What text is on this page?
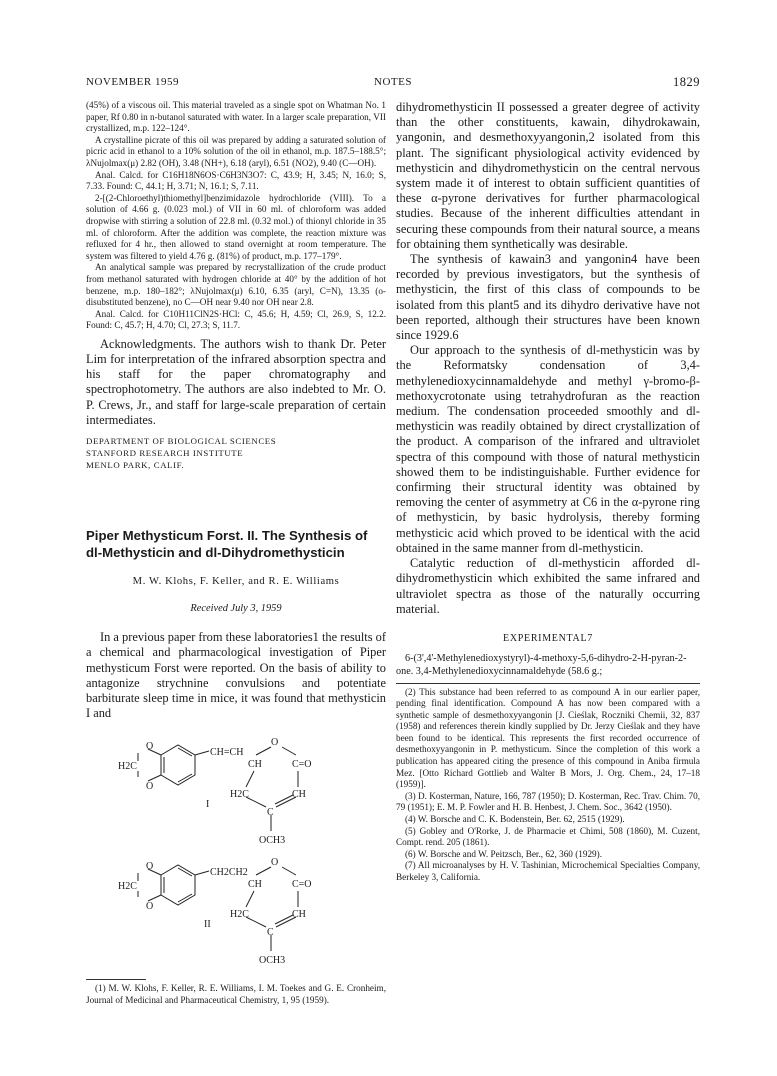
NOVEMBER 1959	NOTES	1829

(45%) of a viscous oil. This material traveled as a single spot on Whatman No. 1 paper, Rf 0.80 in n-butanol saturated with water. In a larger scale preparation, VII crystallized, m.p. 122–124°.

A crystalline picrate of this oil was prepared by adding a saturated solution of picric acid in ethanol to a 10% solution of the oil in ethanol, m.p. 187.5–188.5°; λNujolmax(μ) 2.82 (OH), 3.48 (NH+), 6.18 (aryl), 6.51 (NO2), 9.40 (C—OH).

Anal. Calcd. for C16H18N6OS·C6H3N3O7: C, 43.9; H, 3.45; N, 16.0; S, 7.33. Found: C, 44.1; H, 3.71; N, 16.1; S, 7.11.

2-[(2-Chloroethyl)thiomethyl]benzimidazole hydrochloride (VIII). To a solution of 4.66 g. (0.023 mol.) of VII in 60 ml. of chloroform was added dropwise with stirring a solution of 22.8 ml. (0.32 mol.) of thionyl chloride in 35 ml. of chloroform. After the addition was complete, the reaction mixture was refluxed for 4 hr., then allowed to stand overnight at room temperature. The system was filtered to yield 4.76 g. (81%) of product, m.p. 177–179°.

An analytical sample was prepared by recrystallization of the crude product from methanol saturated with hydrogen chloride at 40° by the addition of hot benzene, m.p. 180–182°; λNujolmax(μ) 6.10, 6.35 (aryl, C=N), 13.35 (o-disubstituted benzene), no C—OH near 9.40 nor OH near 2.8.

Anal. Calcd. for C10H11ClN2S·HCl: C, 45.6; H, 4.59; Cl, 26.9, S, 12.2. Found: C, 45.7; H, 4.70; Cl, 27.3; S, 11.7.

Acknowledgments. The authors wish to thank Dr. Peter Lim for interpretation of the infrared absorption spectra and his staff for the paper chromatography and spectrophotometry. The authors are also indebted to Mr. O. P. Crews, Jr., and staff for large-scale preparation of certain intermediates.

DEPARTMENT OF BIOLOGICAL SCIENCES
STANFORD RESEARCH INSTITUTE
MENLO PARK, CALIF.
Piper Methysticum Forst. II. The Synthesis of dl-Methysticin and dl-Dihydromethysticin
M. W. Klohs, F. Keller, and R. E. Williams
Received July 3, 1959

In a previous paper from these laboratories1 the results of a chemical and pharmacological investigation of Piper methysticum Forst were reported. On the basis of ability to antagonize strychnine convulsions and potentiate barbiturate sleep time in mice, it was found that methysticin I and

O
O
H2C
CH=CH
O
CH	C=O
H2C	CH
C
OCH3
I
O
O
H2C
CH2CH2
O
CH	C=O
H2C	CH
C
OCH3
II

(1) M. W. Klohs, F. Keller, R. E. Williams, I. M. Toekes and G. E. Cronheim, Journal of Medicinal and Pharmaceutical Chemistry, 1, 95 (1959).

dihydromethysticin II possessed a greater degree of activity than the other constituents, kawain, dihydrokawain, yangonin, and desmethoxyyangonin,2 isolated from this plant. The significant physiological activity evidenced by methysticin and dihydromethysticin on the central nervous system made it of interest to obtain sufficient quantities of these α-pyrone derivatives for further pharmacological studies. Because of the inherent difficulties attendant in securing these compounds from their natural source, a means for obtaining them synthetically was desirable.

The synthesis of kawain3 and yangonin4 have been recorded by previous investigators, but the synthesis of methysticin, the first of this class of compounds to be isolated from this plant5 and its dihydro derivative have not been reported, although their structures have been known since 1929.6

Our approach to the synthesis of dl-methysticin was by the Reformatsky condensation of 3,4-methylenedioxycinnamaldehyde and methyl γ-bromo-β-methoxycrotonate using tetrahydrofuran as the reaction medium. The condensation proceeded smoothly and dl-methysticin was readily obtained by direct crystallization of the product. A comparison of the infrared and ultraviolet spectra of this compound with those of natural methysticin showed them to be indistinguishable. Further evidence for confirming their structural identity was obtained by removing the center of asymmetry at C6 in the α-pyrone ring of methysticin, by basic hydrolysis, thereby forming methysticic acid which proved to be identical with the acid obtained in the same manner from dl-methysticin.

Catalytic reduction of dl-methysticin afforded dl-dihydromethysticin which exhibited the same infrared and ultraviolet spectra as those of the naturally occurring material.

EXPERIMENTAL7

6-(3',4'-Methylenedioxystyryl)-4-methoxy-5,6-dihydro-2-H-pyran-2-one. 3,4-Methylenedioxycinnamaldehyde (58.6 g.;

(2) This substance had been referred to as compound A in our earlier paper, pending final identification. Compound A has now been compared with a synthetic sample of desmethoxyyangonin [J. Cieślak, Roczniki Chemii, 32, 837 (1958) and references therein kindly supplied by Dr. Jerzy Cieślak and they have been found to be identical. This represents the first recorded occurrence of desmethoxyyangonin in P. methysticum. Since the completion of this work a publication has appeared citing the presence of this compound in Aniba firmula Mez. [Otto Richard Gottlieb and Walter B Mors, J. Org. Chem., 24, 17–18 (1959)].

(3) D. Kosterman, Nature, 166, 787 (1950); D. Kosterman, Rec. Trav. Chim. 70, 79 (1951); E. M. P. Fowler and H. B. Henbest, J. Chem. Soc., 3642 (1950).

(4) W. Borsche and C. K. Bodenstein, Ber. 62, 2515 (1929).

(5) Gobley and O'Rorke, J. de Pharmacie et Chimi, 508 (1860), M. Cuzent, Compt. rend. 205 (1861).

(6) W. Borsche and W. Peitzsch, Ber., 62, 360 (1929).

(7) All microanalyses by H. V. Tashinian, Microchemical Specialties Company, Berkeley 3, California.
